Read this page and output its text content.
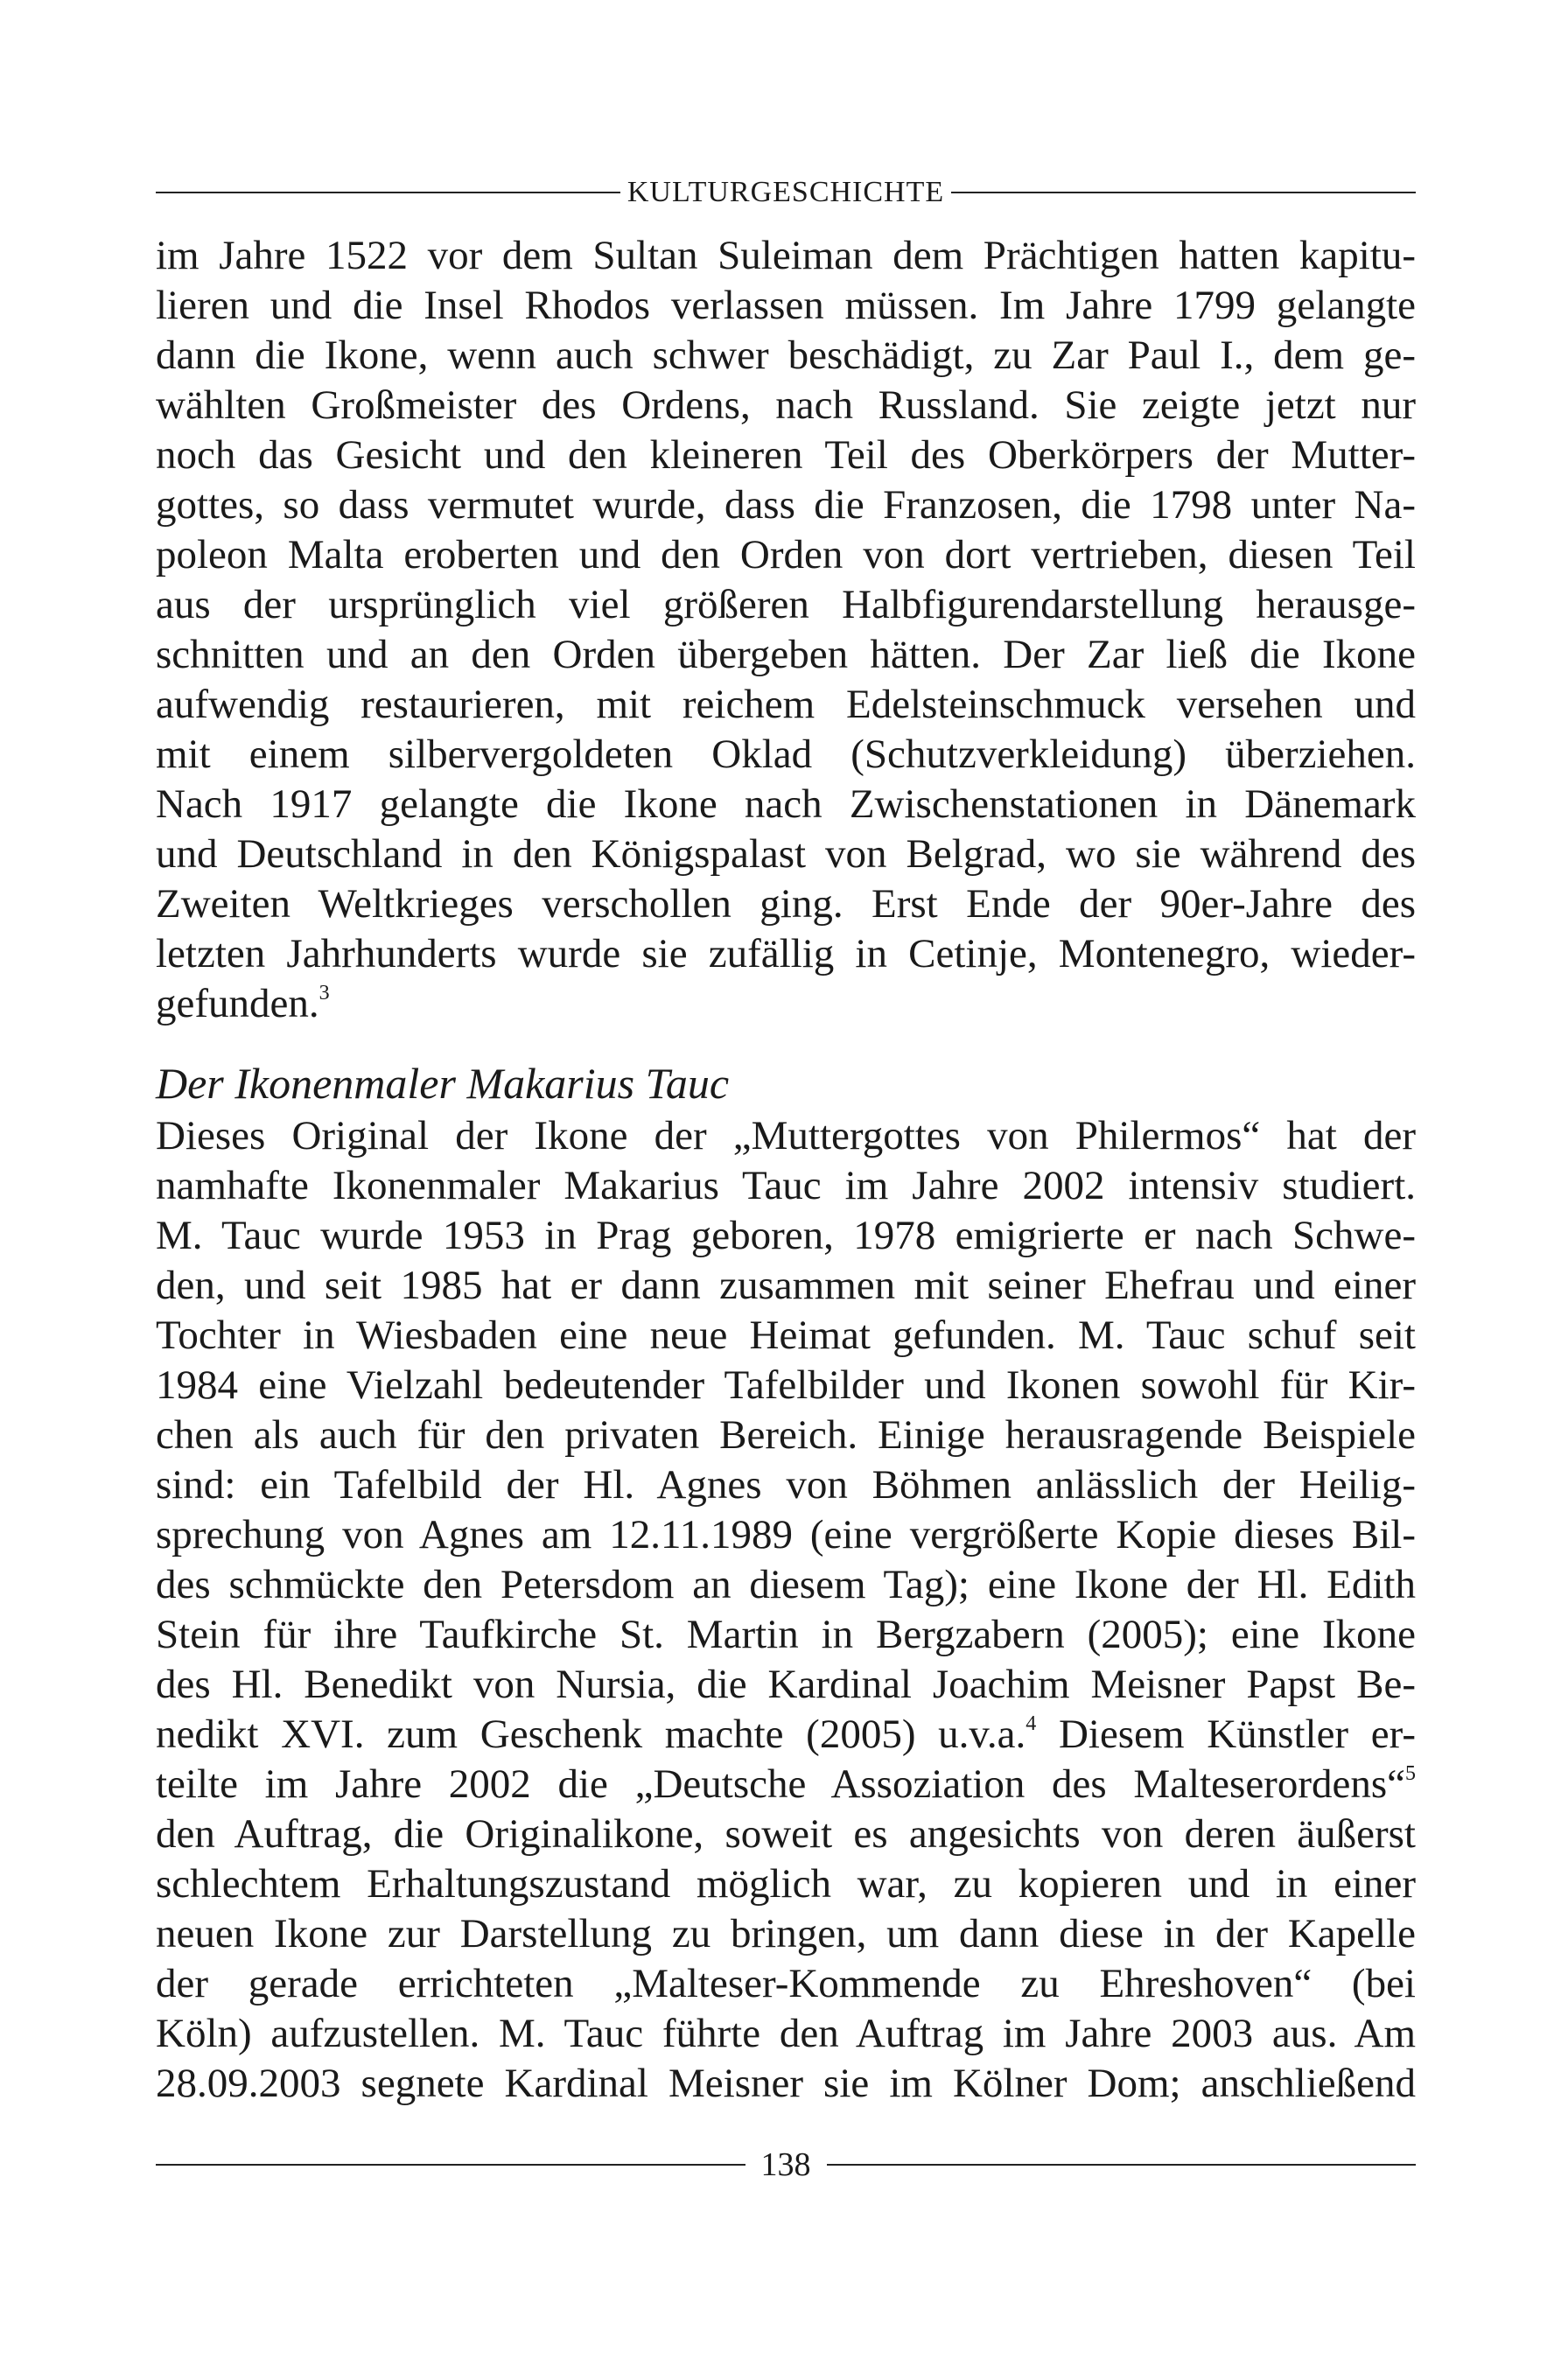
KULTURGESCHICHTE
im Jahre 1522 vor dem Sultan Suleiman dem Prächtigen hatten kapitu-
lieren und die Insel Rhodos verlassen müssen. Im Jahre 1799 gelangte
dann die Ikone, wenn auch schwer beschädigt, zu Zar Paul I., dem ge-
wählten Großmeister des Ordens, nach Russland. Sie zeigte jetzt nur
noch das Gesicht und den kleineren Teil des Oberkörpers der Mutter-
gottes, so dass vermutet wurde, dass die Franzosen, die 1798 unter Na-
poleon Malta eroberten und den Orden von dort vertrieben, diesen Teil
aus der ursprünglich viel größeren Halbfigurendarstellung herausge-
schnitten und an den Orden übergeben hätten. Der Zar ließ die Ikone
aufwendig restaurieren, mit reichem Edelsteinschmuck versehen und
mit einem silbervergoldeten Oklad (Schutzverkleidung) überziehen.
Nach 1917 gelangte die Ikone nach Zwischenstationen in Dänemark
und Deutschland in den Königspalast von Belgrad, wo sie während des
Zweiten Weltkrieges verschollen ging. Erst Ende der 90er-Jahre des
letzten Jahrhunderts wurde sie zufällig in Cetinje, Montenegro, wieder-
gefunden.$^3$
Der Ikonenmaler Makarius Tauc
Dieses Original der Ikone der „Muttergottes von Philermos“ hat der
namhafte Ikonenmaler Makarius Tauc im Jahre 2002 intensiv studiert.
M. Tauc wurde 1953 in Prag geboren, 1978 emigrierte er nach Schwe-
den, und seit 1985 hat er dann zusammen mit seiner Ehefrau und einer
Tochter in Wiesbaden eine neue Heimat gefunden. M. Tauc schuf seit
1984 eine Vielzahl bedeutender Tafelbilder und Ikonen sowohl für Kir-
chen als auch für den privaten Bereich. Einige herausragende Beispiele
sind: ein Tafelbild der Hl. Agnes von Böhmen anlässlich der Heilig-
sprechung von Agnes am 12.11.1989 (eine vergrößerte Kopie dieses Bil-
des schmückte den Petersdom an diesem Tag); eine Ikone der Hl. Edith
Stein für ihre Taufkirche St. Martin in Bergzabern (2005); eine Ikone
des Hl. Benedikt von Nursia, die Kardinal Joachim Meisner Papst Be-
nedikt XVI. zum Geschenk machte (2005) u.v.a.$^4$ Diesem Künstler er-
teilte im Jahre 2002 die „Deutsche Assoziation des Malteserordens“$^5$
den Auftrag, die Originalikone, soweit es angesichts von deren äußerst
schlechtem Erhaltungszustand möglich war, zu kopieren und in einer
neuen Ikone zur Darstellung zu bringen, um dann diese in der Kapelle
der gerade errichteten „Malteser-Kommende zu Ehreshoven“ (bei
Köln) aufzustellen. M. Tauc führte den Auftrag im Jahre 2003 aus. Am
28.09.2003 segnete Kardinal Meisner sie im Kölner Dom; anschließend
138
